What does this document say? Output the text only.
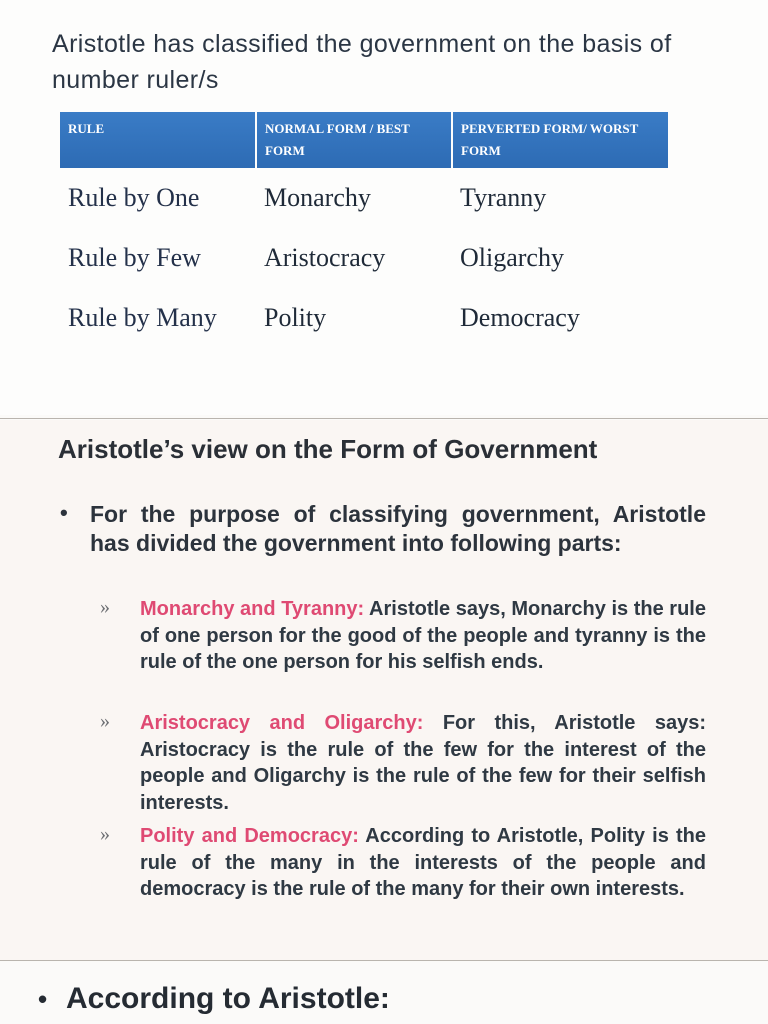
Aristotle has classified the government on the basis of number ruler/s
RULE	NORMAL FORM / BEST FORM	PERVERTED FORM/ WORST FORM
Rule by One	Monarchy	Tyranny
Rule by Few	Aristocracy	Oligarchy
Rule by Many	Polity	Democracy
Aristotle’s view on the Form of Government
• For the purpose of classifying government, Aristotle has divided the government into following parts:
» Monarchy and Tyranny: Aristotle says, Monarchy is the rule of one person for the good of the people and tyranny is the rule of the one person for his selfish ends.
» Aristocracy and Oligarchy: For this, Aristotle says: Aristocracy is the rule of the few for the interest of the people and Oligarchy is the rule of the few for their selfish interests.
» Polity and Democracy: According to Aristotle, Polity is the rule of the many in the interests of the people and democracy is the rule of the many for their own interests.
• According to Aristotle:
